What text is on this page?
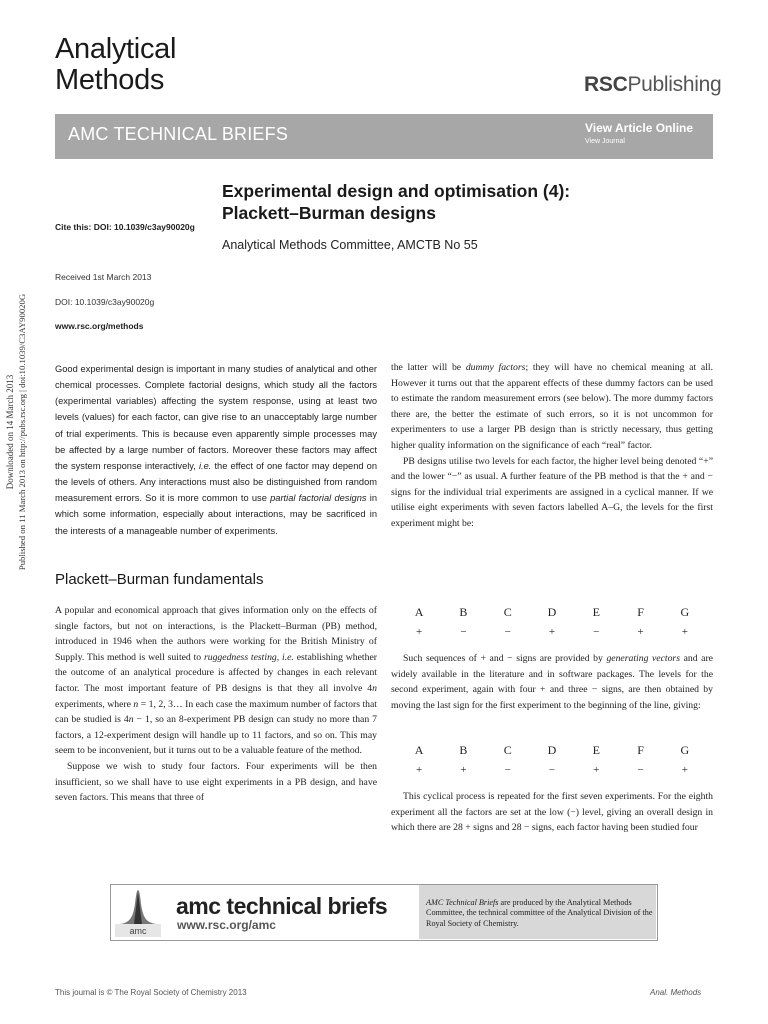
Analytical
Methods	RSCPublishing
AMC TECHNICAL BRIEFS	View Article Online
View Journal
Experimental design and optimisation (4): Plackett–Burman designs
Analytical Methods Committee, AMCTB No 55
Cite this: DOI: 10.1039/c3ay90020g
Received 1st March 2013
DOI: 10.1039/c3ay90020g
www.rsc.org/methods
Downloaded on 14 March 2013 Published on 11 March 2013 on http://pubs.rsc.org | doi:10.1039/C3AY90020G	Good experimental design is important in many studies of analytical and other chemical processes. Complete factorial designs, which study all the factors (experimental variables) affecting the system response, using at least two levels (values) for each factor, can give rise to an unacceptably large number of trial experiments. This is because even apparently simple processes may be affected by a large number of factors. Moreover these factors may affect the system response interactively, i.e. the effect of one factor may depend on the levels of others. Any interactions must also be distinguished from random measurement errors. So it is more common to use partial factorial designs in which some information, especially about interactions, may be sacrificed in the interests of a manageable number of experiments.
Plackett–Burman fundamentals

A popular and economical approach that gives information only on the effects of single factors, but not on interactions, is the Plackett–Burman (PB) method, introduced in 1946 when the authors were working for the British Ministry of Supply. This method is well suited to ruggedness testing, i.e. establishing whether the outcome of an analytical procedure is affected by changes in each relevant factor. The most important feature of PB designs is that they all involve 4n experiments, where n = 1, 2, 3… In each case the maximum number of factors that can be studied is 4n − 1, so an 8-experiment PB design can study no more than 7 factors, a 12-experiment design will handle up to 11 factors, and so on. This may seem to be inconvenient, but it turns out to be a valuable feature of the method.

Suppose we wish to study four factors. Four experiments will be then insufficient, so we shall have to use eight experiments in a PB design, and have seven factors. This means that three of

the latter will be dummy factors; they will have no chemical meaning at all. However it turns out that the apparent effects of these dummy factors can be used to estimate the random measurement errors (see below). The more dummy factors there are, the better the estimate of such errors, so it is not uncommon for experimenters to use a larger PB design than is strictly necessary, thus getting higher quality information on the significance of each “real” factor.

PB designs utilise two levels for each factor, the higher level being denoted “+” and the lower “−” as usual. A further feature of the PB method is that the + and − signs for the individual trial experiments are assigned in a cyclical manner. If we utilise eight experiments with seven factors labelled A–G, the levels for the first experiment might be:

A	B	C	D	E	F	G
+	−	−	+	−	+	+

Such sequences of + and − signs are provided by generating vectors and are widely available in the literature and in software packages. The levels for the second experiment, again with four + and three − signs, are then obtained by moving the last sign for the first experiment to the beginning of the line, giving:

A	B	C	D	E	F	G
+	+	−	−	+	−	+

This cyclical process is repeated for the first seven experiments. For the eighth experiment all the factors are set at the low (−) level, giving an overall design in which there are 28 + signs and 28 − signs, each factor having been studied four

amc
amc technical briefs
www.rsc.org/amc
AMC Technical Briefs are produced by the Analytical Methods Committee, the technical committee of the Analytical Division of the Royal Society of Chemistry.
This journal is © The Royal Society of Chemistry 2013	Anal. Methods
